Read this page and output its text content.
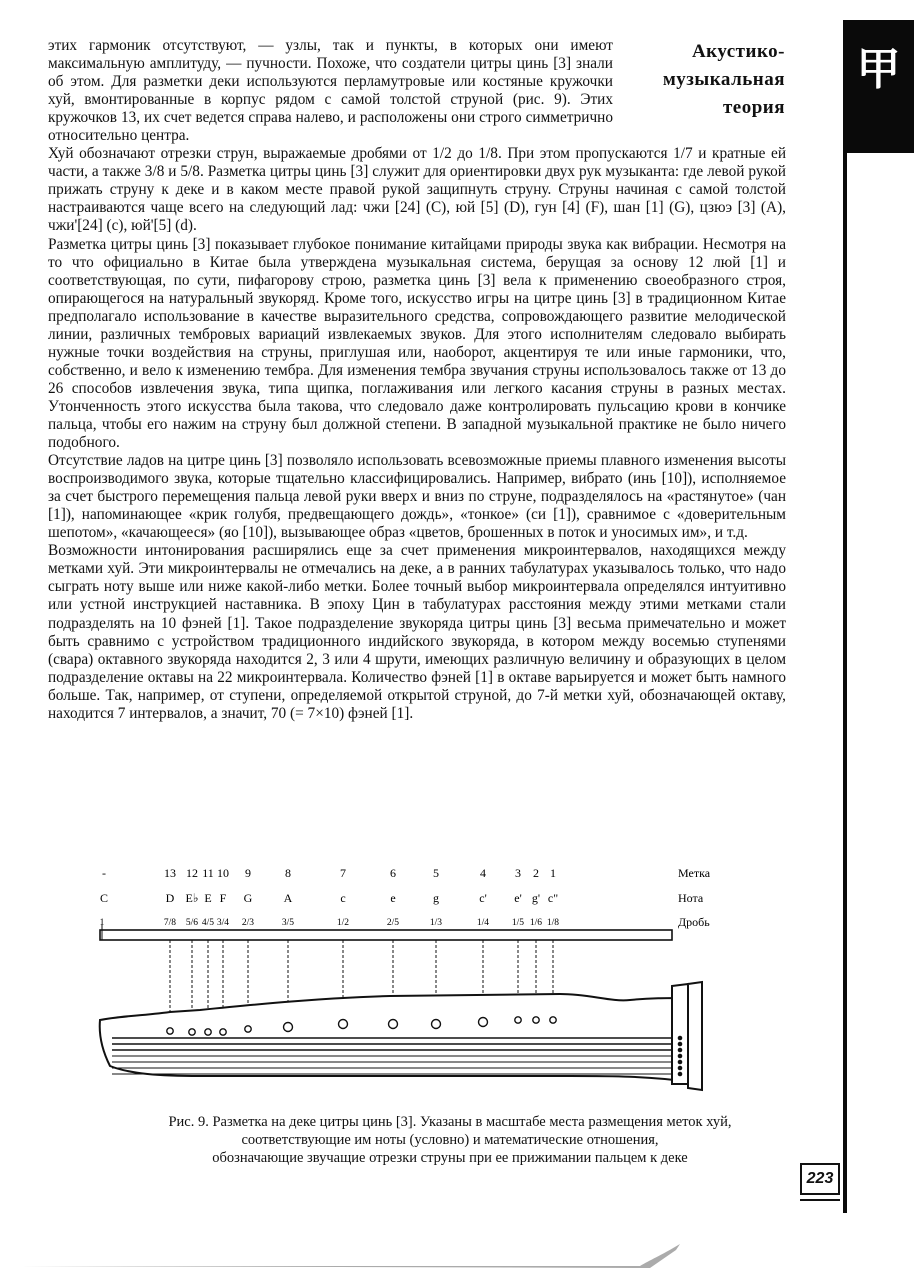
甲
Акустико-
музыкальная
теория

этих гармоник отсутствуют, — узлы, так и пункты, в которых они имеют максимальную амплитуду, — пучности. Похоже, что создатели цитры цинь [3] знали об этом. Для разметки деки используются перламутровые или костяные кружочки хуй, вмонтированные в корпус рядом с самой толстой струной (рис. 9). Этих кружочков 13, их счет ведется справа налево, и расположены они строго симметрично относительно центра.

Хуй обозначают отрезки струн, выражаемые дробями от 1/2 до 1/8. При этом пропускаются 1/7 и кратные ей части, а также 3/8 и 5/8. Разметка цитры цинь [3] служит для ориентировки двух рук музыканта: где левой рукой прижать струну к деке и в каком месте правой рукой защипнуть струну. Струны начиная с самой толстой настраиваются чаще всего на следующий лад: чжи [24] (C), юй [5] (D), гун [4] (F), шан [1] (G), цзюэ [3] (A), чжи'[24] (c), юй'[5] (d).

Разметка цитры цинь [3] показывает глубокое понимание китайцами природы звука как вибрации. Несмотря на то что официально в Китае была утверждена музыкальная система, берущая за основу 12 люй [1] и соответствующая, по сути, пифагорову строю, разметка цинь [3] вела к применению своеобразного строя, опирающегося на натуральный звукоряд. Кроме того, искусство игры на цитре цинь [3] в традиционном Китае предполагало использование в качестве выразительного средства, сопровождающего развитие мелодической линии, различных тембровых вариаций извлекаемых звуков. Для этого исполнителям следовало выбирать нужные точки воздействия на струны, приглушая или, наоборот, акцентируя те или иные гармоники, что, собственно, и вело к изменению тембра. Для изменения тембра звучания струны использовалось также от 13 до 26 способов извлечения звука, типа щипка, поглаживания или легкого касания струны в разных местах. Утонченность этого искусства была такова, что следовало даже контролировать пульсацию крови в кончике пальца, чтобы его нажим на струну был должной степени. В западной музыкальной практике не было ничего подобного.

Отсутствие ладов на цитре цинь [3] позволяло использовать всевозможные приемы плавного изменения высоты воспроизводимого звука, которые тщательно классифицировались. Например, вибрато (инь [10]), исполняемое за счет быстрого перемещения пальца левой руки вверх и вниз по струне, подразделялось на «растянутое» (чан [1]), напоминающее «крик голубя, предвещающего дождь», «тонкое» (си [1]), сравнимое с «доверительным шепотом», «качающееся» (яо [10]), вызывающее образ «цветов, брошенных в поток и уносимых им», и т.д.

Возможности интонирования расширялись еще за счет применения микроинтервалов, находящихся между метками хуй. Эти микроинтервалы не отмечались на деке, а в ранних табулатурах указывалось только, что надо сыграть ноту выше или ниже какой-либо метки. Более точный выбор микроинтервала определялся интуитивно или устной инструкцией наставника. В эпоху Цин в табулатурах расстояния между этими метками стали подразделять на 10 фэней [1]. Такое подразделение звукоряда цитры цинь [3] весьма примечательно и может быть сравнимо с устройством традиционного индийского звукоряда, в котором между восемью ступенями (свара) октавного звукоряда находится 2, 3 или 4 шрути, имеющих различную величину и образующих в целом подразделение октавы на 22 микроинтервала. Количество фэней [1] в октаве варьируется и может быть намного больше. Так, например, от ступени, определяемой открытой струной, до 7-й метки хуй, обозначающей октаву, находится 7 интервалов, а значит, 70 (= 7×10) фэней [1].

Метка
Нота
Дробь
-	13 12 11 10 9	8	7	6	5	4 3 2 1
C	D E♭ E F G	A	c	e	g	c' e' g' c"
1	7/8 5/6 4/5 3/4 2/3	3/5	1/2	2/5	1/3	1/4 1/5 1/6 1/8
Рис. 9. Разметка на деке цитры цинь [3]. Указаны в масштабе места размещения меток хуй,
соответствующие им ноты (условно) и математические отношения,
обозначающие звучащие отрезки струны при ее прижимании пальцем к деке
223
